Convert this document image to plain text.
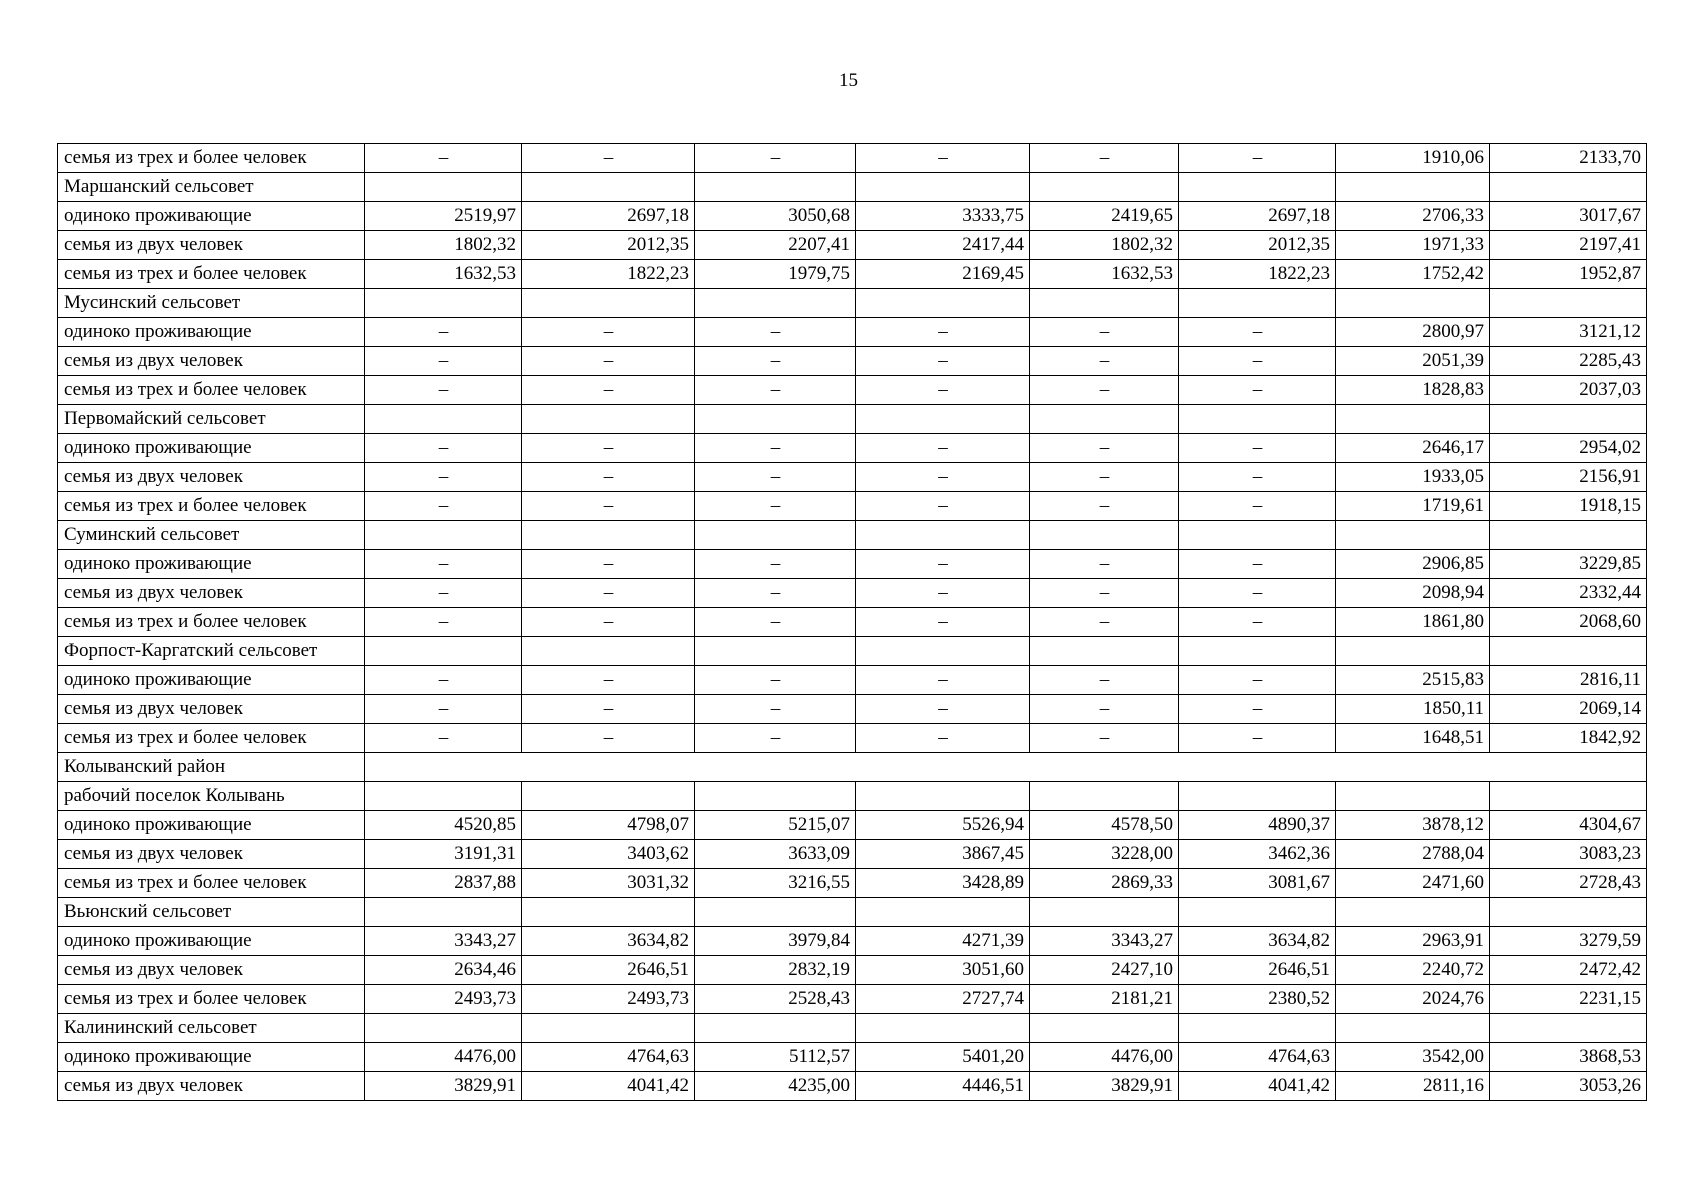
15
семья из трех и более человек	–	–	–	–	–	–	1910,06	2133,70
Маршанский сельсовет								
одиноко проживающие	2519,97	2697,18	3050,68	3333,75	2419,65	2697,18	2706,33	3017,67
семья из двух человек	1802,32	2012,35	2207,41	2417,44	1802,32	2012,35	1971,33	2197,41
семья из трех и более человек	1632,53	1822,23	1979,75	2169,45	1632,53	1822,23	1752,42	1952,87
Мусинский сельсовет								
одиноко проживающие	–	–	–	–	–	–	2800,97	3121,12
семья из двух человек	–	–	–	–	–	–	2051,39	2285,43
семья из трех и более человек	–	–	–	–	–	–	1828,83	2037,03
Первомайский сельсовет								
одиноко проживающие	–	–	–	–	–	–	2646,17	2954,02
семья из двух человек	–	–	–	–	–	–	1933,05	2156,91
семья из трех и более человек	–	–	–	–	–	–	1719,61	1918,15
Суминский сельсовет								
одиноко проживающие	–	–	–	–	–	–	2906,85	3229,85
семья из двух человек	–	–	–	–	–	–	2098,94	2332,44
семья из трех и более человек	–	–	–	–	–	–	1861,80	2068,60
Форпост-Каргатский сельсовет								
одиноко проживающие	–	–	–	–	–	–	2515,83	2816,11
семья из двух человек	–	–	–	–	–	–	1850,11	2069,14
семья из трех и более человек	–	–	–	–	–	–	1648,51	1842,92
Колыванский район								
рабочий поселок Колывань								
одиноко проживающие	4520,85	4798,07	5215,07	5526,94	4578,50	4890,37	3878,12	4304,67
семья из двух человек	3191,31	3403,62	3633,09	3867,45	3228,00	3462,36	2788,04	3083,23
семья из трех и более человек	2837,88	3031,32	3216,55	3428,89	2869,33	3081,67	2471,60	2728,43
Вьюнский сельсовет								
одиноко проживающие	3343,27	3634,82	3979,84	4271,39	3343,27	3634,82	2963,91	3279,59
семья из двух человек	2634,46	2646,51	2832,19	3051,60	2427,10	2646,51	2240,72	2472,42
семья из трех и более человек	2493,73	2493,73	2528,43	2727,74	2181,21	2380,52	2024,76	2231,15
Калининский сельсовет								
одиноко проживающие	4476,00	4764,63	5112,57	5401,20	4476,00	4764,63	3542,00	3868,53
семья из двух человек	3829,91	4041,42	4235,00	4446,51	3829,91	4041,42	2811,16	3053,26
